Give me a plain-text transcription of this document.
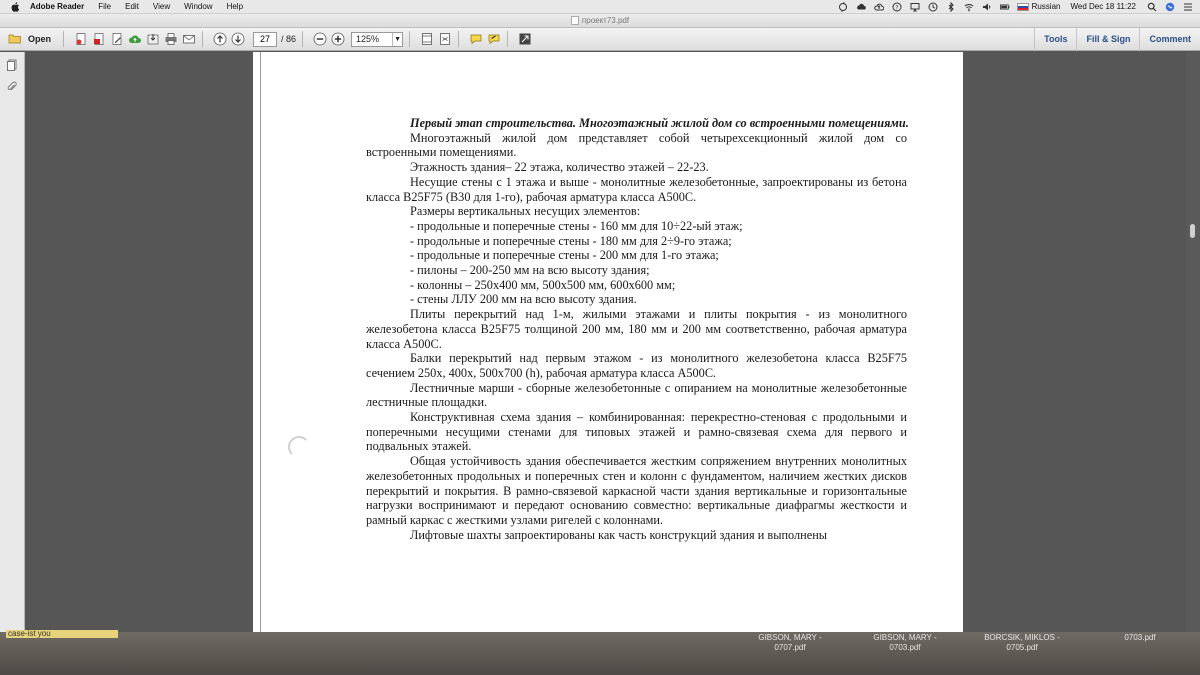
Adobe Reader File Edit View Window Help	?	Russian Wed Dec 18 11:22
проект73.pdf
Open
27	/ 86	125%	▼	Tools	Fill & Sign	Comment
Первый этап строительства. Многоэтажный жилой дом со встроенными помещениями.
Многоэтажный жилой дом представляет собой четырехсекционный жилой дом со встроенными помещениями.
Этажность здания– 22 этажа, количество этажей – 22-23.
Несущие стены с 1 этажа и выше - монолитные железобетонные, запроектированы из бетона класса В25F75 (В30 для 1-го), рабочая арматура класса А500С.
Размеры вертикальных несущих элементов:
- продольные и поперечные стены - 160 мм для 10÷22-ый этаж;
- продольные и поперечные стены - 180 мм для 2÷9-го этажа;
- продольные и поперечные стены - 200 мм для 1-го этажа;
- пилоны – 200-250 мм на всю высоту здания;
- колонны – 250х400 мм, 500х500 мм, 600х600 мм;
- стены ЛЛУ 200 мм на всю высоту здания.
Плиты перекрытий над 1-м, жилыми этажами и плиты покрытия - из монолитного железобетона класса В25F75 толщиной 200 мм, 180 мм и 200 мм соответственно, рабочая арматура класса А500С.
Балки перекрытий над первым этажом - из монолитного железобетона класса В25F75 сечением 250х, 400х, 500х700 (h), рабочая арматура класса А500С.
Лестничные марши - сборные железобетонные с опиранием на монолитные железобетонные лестничные площадки.
Конструктивная схема здания – комбинированная: перекрестно-стеновая с продольными и поперечными несущими стенами для типовых этажей и рамно-связевая схема для первого и подвальных этажей.
Общая устойчивость здания обеспечивается жестким сопряжением внутренних монолитных железобетонных продольных и поперечных стен и колонн с фундаментом, наличием жестких дисков перекрытий и покрытия. В рамно-связевой каркасной части здания вертикальные и горизонтальные нагрузки воспринимают и передают основанию совместно: вертикальные диафрагмы жесткости и рамный каркас с жесткими узлами ригелей с колоннами.
Лифтовые шахты запроектированы как часть конструкций здания и выполнены
case-ist you	GIBSON, MARY -
0707.pdf
GIBSON, MARY -
0703.pdf
BORCSIK, MIKLOS -
0705.pdf
0703.pdf
